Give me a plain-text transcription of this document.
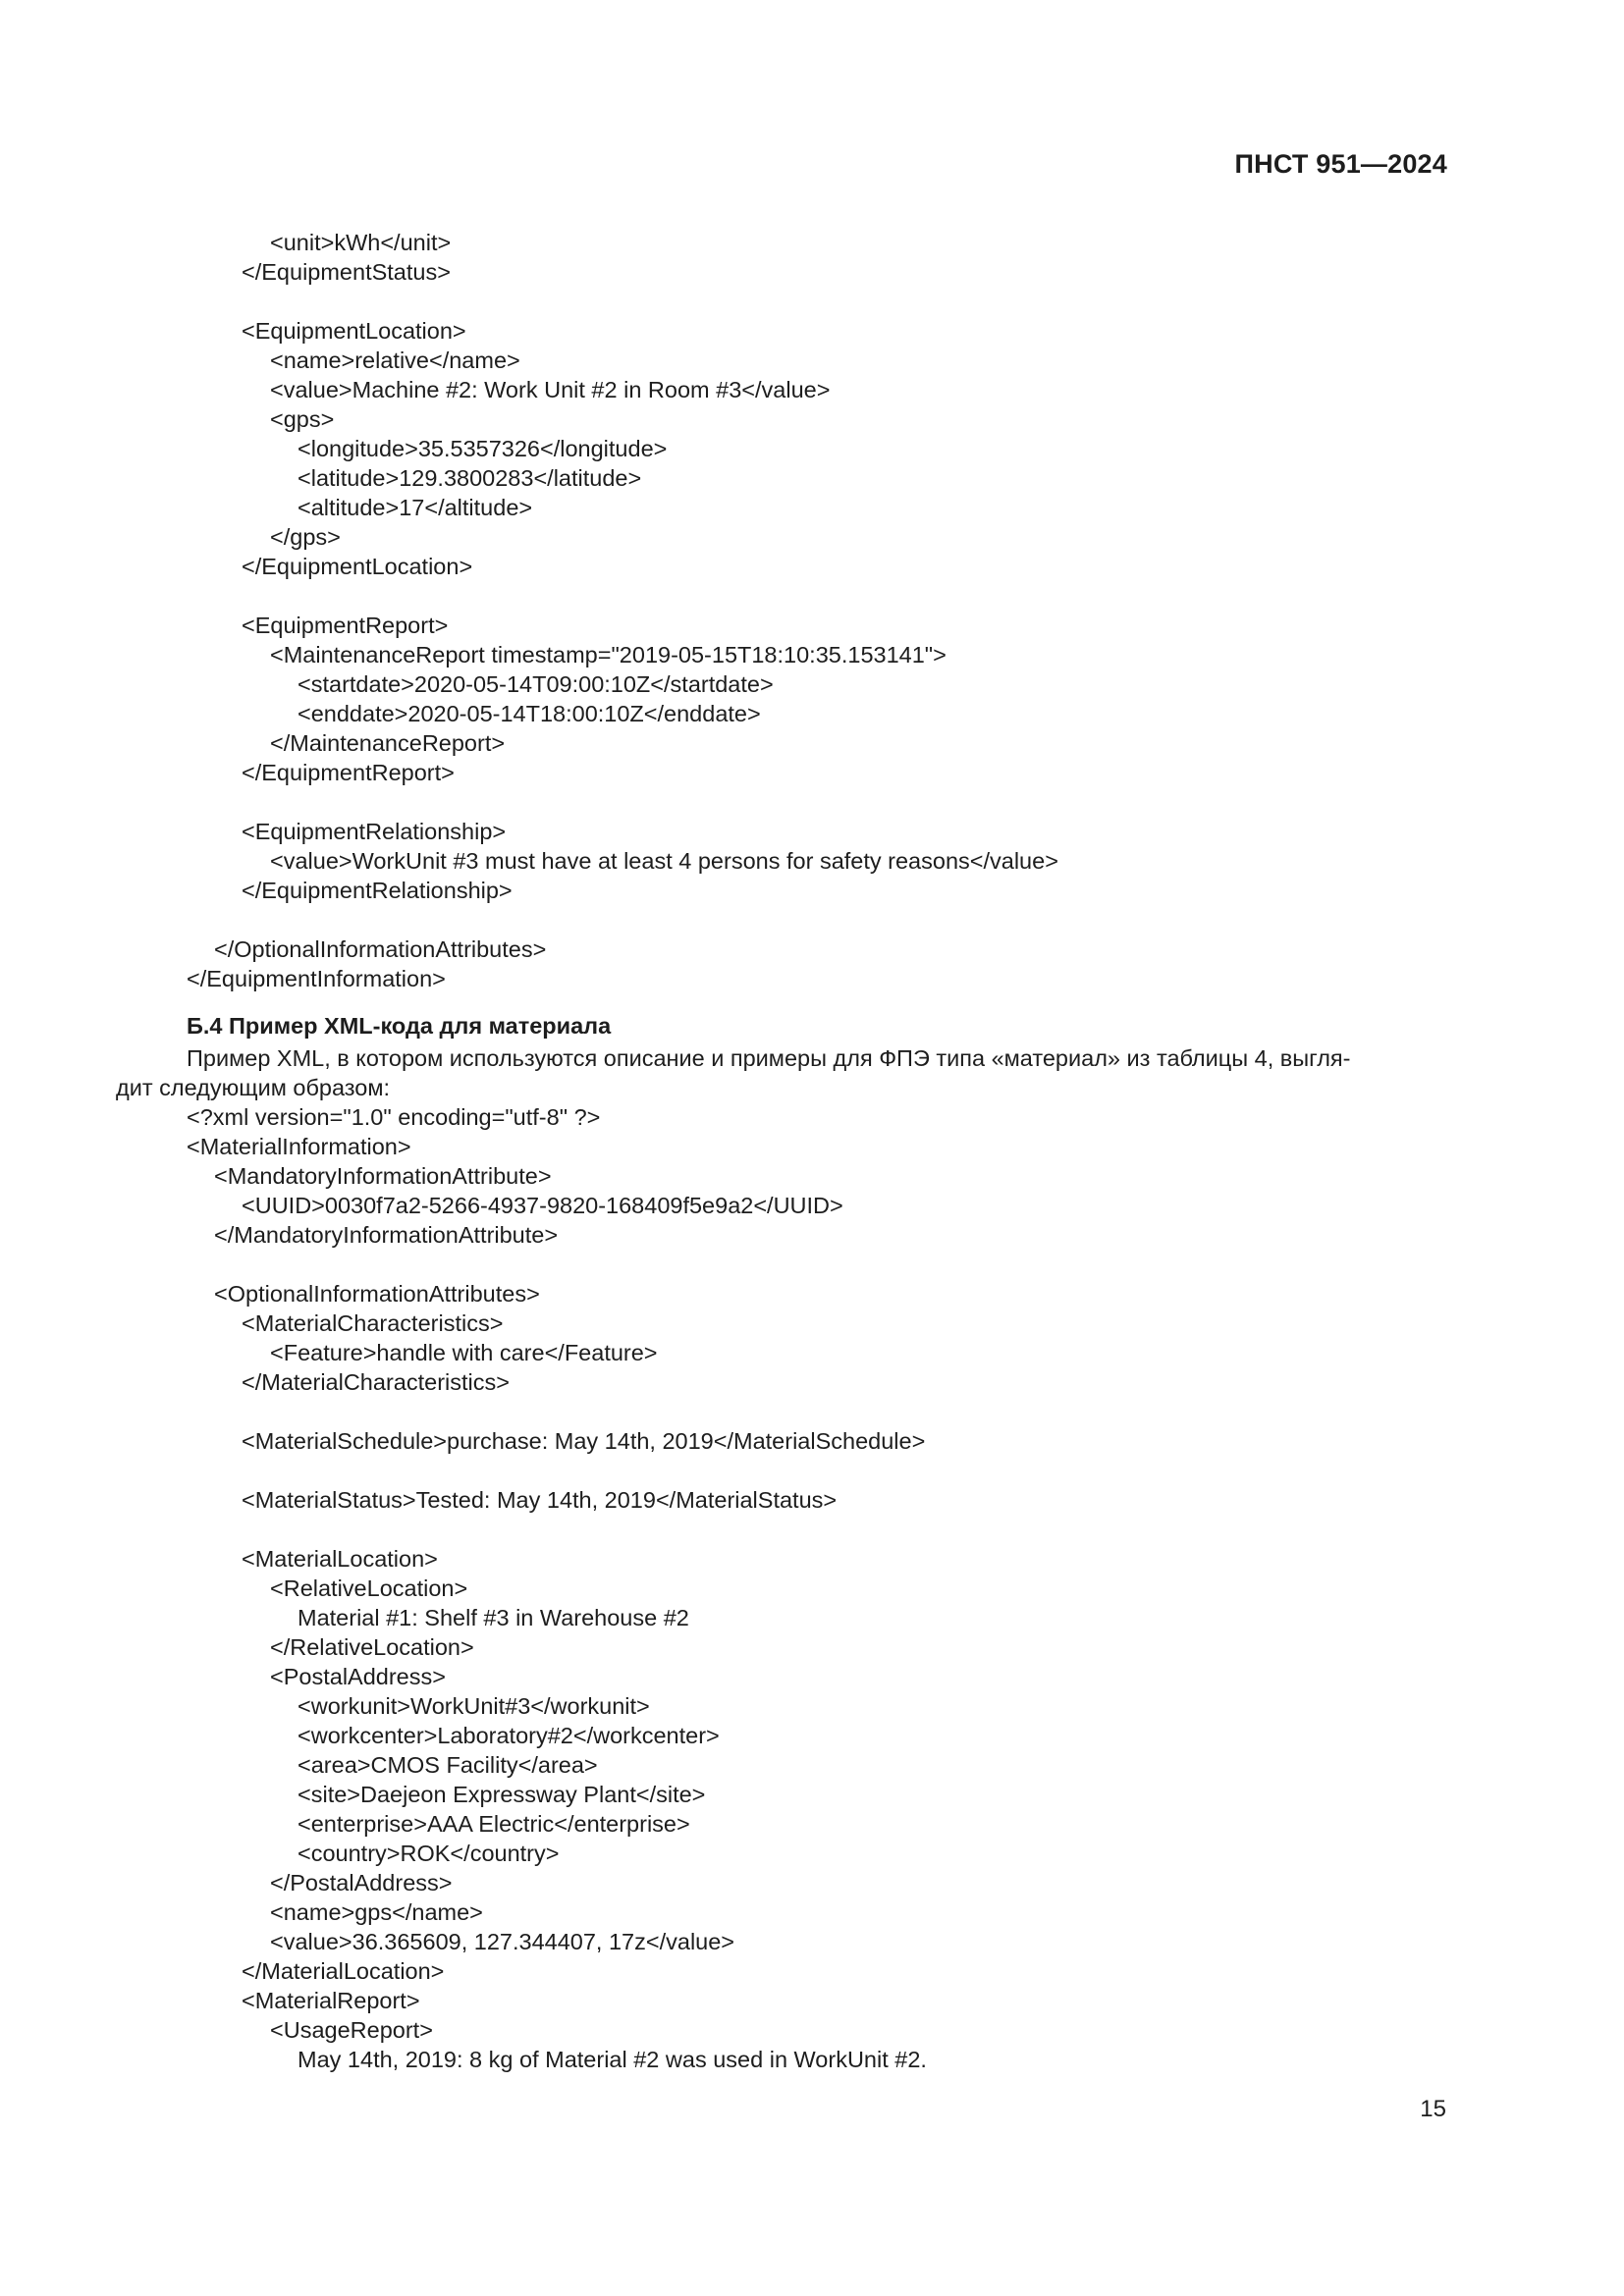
ПНСТ 951—2024
<unit>kWh</unit>
</EquipmentStatus>
<EquipmentLocation>
<name>relative</name>
<value>Machine #2: Work Unit #2 in Room #3</value>
<gps>
<longitude>35.5357326</longitude>
<latitude>129.3800283</latitude>
<altitude>17</altitude>
</gps>
</EquipmentLocation>
<EquipmentReport>
<MaintenanceReport timestamp="2019-05-15T18:10:35.153141">
<startdate>2020-05-14T09:00:10Z</startdate>
<enddate>2020-05-14T18:00:10Z</enddate>
</MaintenanceReport>
</EquipmentReport>
<EquipmentRelationship>
<value>WorkUnit #3 must have at least 4 persons for safety reasons</value>
</EquipmentRelationship>
</OptionalInformationAttributes>
</EquipmentInformation>
Б.4 Пример XML-кода для материала
Пример XML, в котором используются описание и примеры для ФПЭ типа «материал» из таблицы 4, выгля-
дит следующим образом:
<?xml version="1.0" encoding="utf-8" ?>
<MaterialInformation>
<MandatoryInformationAttribute>
<UUID>0030f7a2-5266-4937-9820-168409f5e9a2</UUID>
</MandatoryInformationAttribute>
<OptionalInformationAttributes>
<MaterialCharacteristics>
<Feature>handle with care</Feature>
</MaterialCharacteristics>
<MaterialSchedule>purchase: May 14th, 2019</MaterialSchedule>
<MaterialStatus>Tested: May 14th, 2019</MaterialStatus>
<MaterialLocation>
<RelativeLocation>
Material #1: Shelf #3 in Warehouse #2
</RelativeLocation>
<PostalAddress>
<workunit>WorkUnit#3</workunit>
<workcenter>Laboratory#2</workcenter>
<area>CMOS Facility</area>
<site>Daejeon Expressway Plant</site>
<enterprise>AAA Electric</enterprise>
<country>ROK</country>
</PostalAddress>
<name>gps</name>
<value>36.365609, 127.344407, 17z</value>
</MaterialLocation>
<MaterialReport>
<UsageReport>
May 14th, 2019: 8 kg of Material #2 was used in WorkUnit #2.
15
